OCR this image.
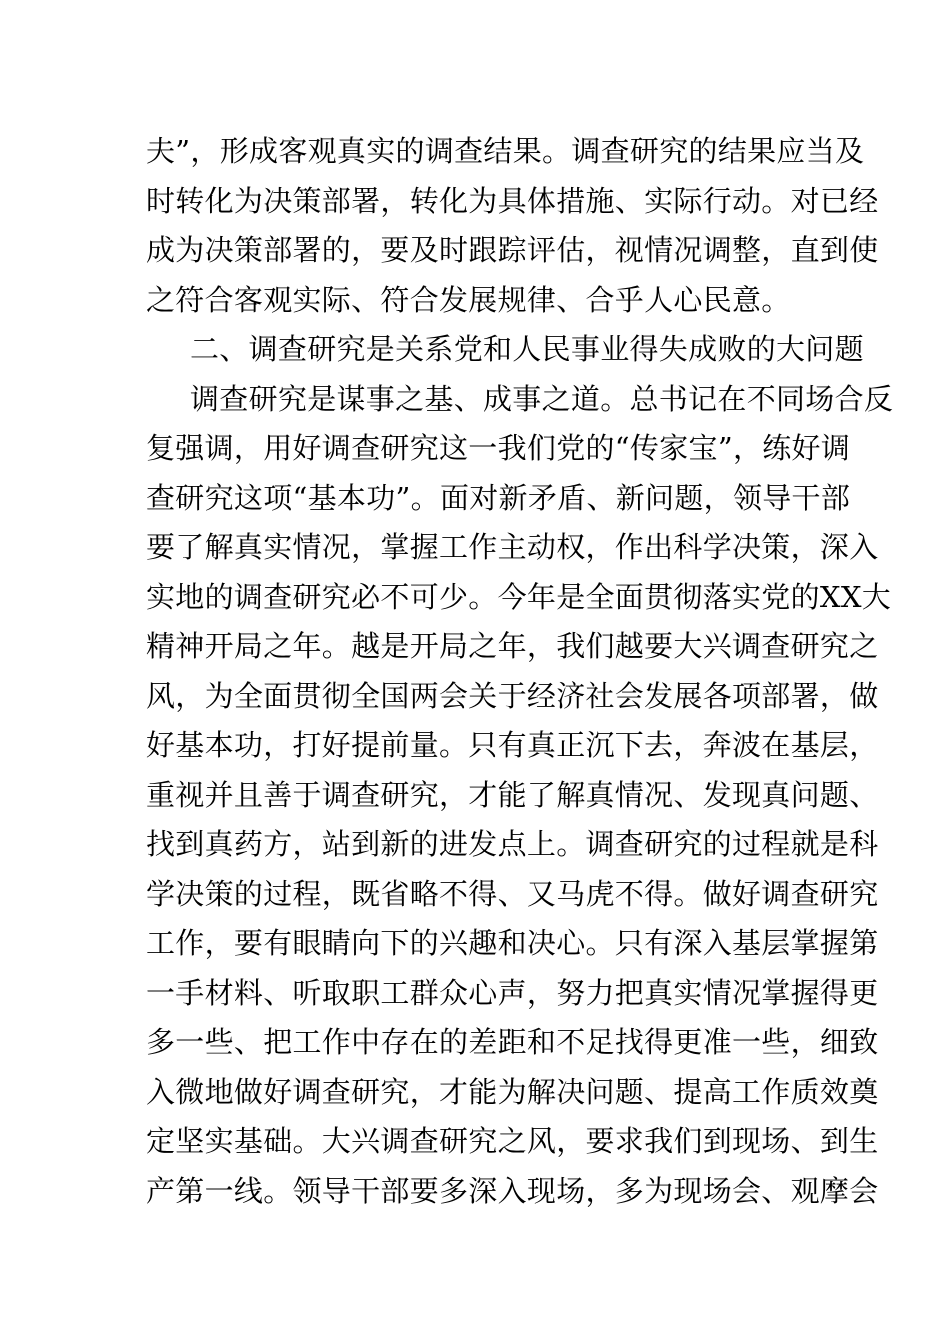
夫”，形成客观真实的调查结果。调查研究的结果应当及
时转化为决策部署，转化为具体措施、实际行动。对已经
成为决策部署的，要及时跟踪评估，视情况调整，直到使
之符合客观实际、符合发展规律、合乎人心民意。
二、调查研究是关系党和人民事业得失成败的大问题
调查研究是谋事之基、成事之道。总书记在不同场合反
复强调，用好调查研究这一我们党的“传家宝”，练好调
查研究这项“基本功”。面对新矛盾、新问题，领导干部
要了解真实情况，掌握工作主动权，作出科学决策，深入
实地的调查研究必不可少。今年是全面贯彻落实党的XX大
精神开局之年。越是开局之年，我们越要大兴调查研究之
风，为全面贯彻全国两会关于经济社会发展各项部署，做
好基本功，打好提前量。只有真正沉下去，奔波在基层，
重视并且善于调查研究，才能了解真情况、发现真问题、
找到真药方，站到新的进发点上。调查研究的过程就是科
学决策的过程，既省略不得、又马虎不得。做好调查研究
工作，要有眼睛向下的兴趣和决心。只有深入基层掌握第
一手材料、听取职工群众心声，努力把真实情况掌握得更
多一些、把工作中存在的差距和不足找得更准一些，细致
入微地做好调查研究，才能为解决问题、提高工作质效奠
定坚实基础。大兴调查研究之风，要求我们到现场、到生
产第一线。领导干部要多深入现场，多为现场会、观摩会
